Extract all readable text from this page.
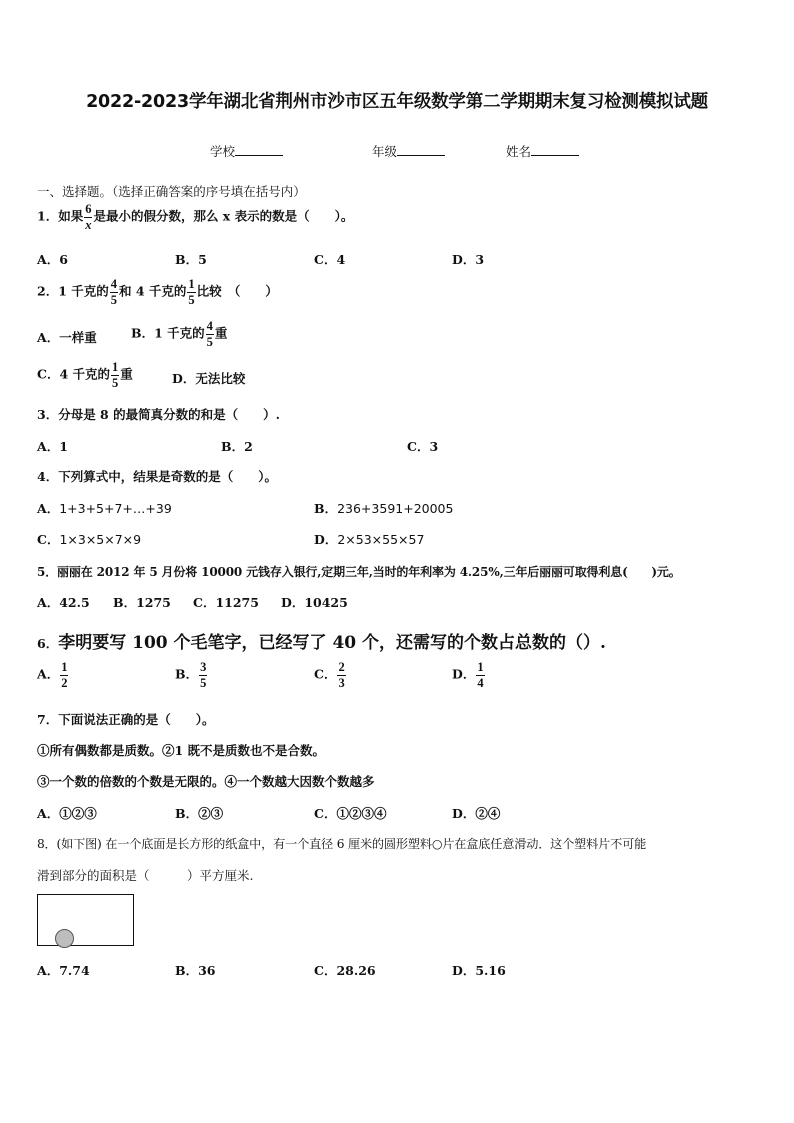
2022-2023学年湖北省荆州市沙市区五年级数学第二学期期末复习检测模拟试题
学校	年级	姓名
一、选择题。（选择正确答案的序号填在括号内）
1．如果 $\frac{6}{x}$ 是最小的假分数，那么 x 表示的数是（　　）。
A．6	B．5	C．4	D．3
2．1 千克的 $\frac{4}{5}$ 和 4 千克的 $\frac{1}{5}$ 比较　（　　）
A．一样重	B．1 千克的 $\frac{4}{5}$ 重
C．4 千克的 $\frac{1}{5}$ 重	D．无法比较
3．分母是 8 的最简真分数的和是（　　）.
A．1	B．2	C．3
4．下列算式中，结果是奇数的是（　　）。
A．1+3+5+7+…+39	B．236+3591+20005
C．1×3×5×7×9	D．2×53×55×57
5．丽丽在 2012 年 5 月份将 10000 元钱存入银行,定期三年,当时的年利率为 4.25%,三年后丽丽可取得利息(　　)元。
A．42.5 B．1275 C．11275 D．10425
6．李明要写 100 个毛笔字，已经写了 40 个，还需写的个数占总数的（）.
A． $\frac{1}{2}$	B． $\frac{3}{5}$	C． $\frac{2}{3}$	D． $\frac{1}{4}$
7．下面说法正确的是（　　）。
①所有偶数都是质数。②1 既不是质数也不是合数。
③一个数的倍数的个数是无限的。④一个数越大因数个数越多
A．①②③	B．②③	C．①②③④	D．②④
8．(如下图) 在一个底面是长方形的纸盒中，有一个直径 6 厘米的圆形塑料○片在盒底任意滑动．这个塑料片不可能
滑到部分的面积是（　　　）平方厘米.
A．7.74	B．36	C．28.26	D．5.16
